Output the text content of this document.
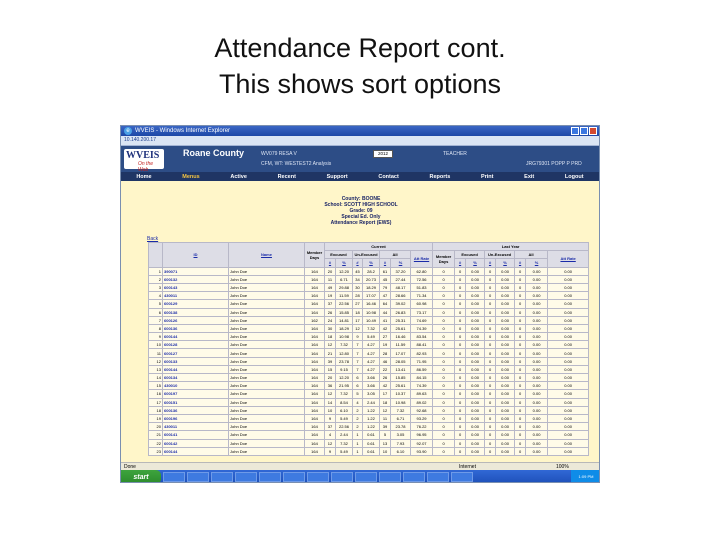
Attendance Report cont.
This shows sort options
e WVEIS - Windows Internet Explorer
10.140.200.17
WVEIS
On the Web
Roane County	WV079 RESA V
CFM, WT: WESTEST2 Analysis
2012	TEACHER
JRG79301 POPP P PRD
Home	Menus	Active	Recent	Support	Contact	Reports	Print	Exit	Logout
County: BOONE
School: SCOTT HIGH SCHOOL
Grade: 09
Special Ed. Only
Attendance Report (EWS)
Back
	ID	Name	Member Days	Current							Last Year							
				Excused		Un-Excused		All		Att Rate	Member Days	Excused		Un-Excused		All		Att Rate
				#	%	#	%	#	%			#	%	#	%	#	%	
1	390071	John Doe	164	20	12.20	45	28.2	61	37.20	62.80	0	0	0.00	0	0.00	0	0.00	0.00
2	600132	John Doe	164	11	6.71	34	20.73	45	27.44	72.56	0	0	0.00	0	0.00	0	0.00	0.00
3	600143	John Doe	164	49	29.88	30	18.29	79	48.17	51.83	0	0	0.00	0	0.00	0	0.00	0.00
4	430011	John Doe	164	19	11.59	28	17.07	47	28.66	71.34	0	0	0.00	0	0.00	0	0.00	0.00
5	600129	John Doe	164	37	22.56	27	16.46	64	39.02	60.98	0	0	0.00	0	0.00	0	0.00	0.00
6	600138	John Doe	164	26	15.85	18	10.98	44	26.83	73.17	0	0	0.00	0	0.00	0	0.00	0.00
7	600126	John Doe	162	24	14.81	17	10.49	41	25.31	74.69	0	0	0.00	0	0.00	0	0.00	0.00
8	600136	John Doe	164	30	18.29	12	7.32	42	25.61	74.39	0	0	0.00	0	0.00	0	0.00	0.00
9	600144	John Doe	164	18	10.98	9	5.49	27	16.46	83.54	0	0	0.00	0	0.00	0	0.00	0.00
10	600128	John Doe	164	12	7.32	7	4.27	19	11.59	88.41	0	0	0.00	0	0.00	0	0.00	0.00
11	600127	John Doe	164	21	12.80	7	4.27	28	17.07	82.93	0	0	0.00	0	0.00	0	0.00	0.00
12	600133	John Doe	164	39	23.78	7	4.27	46	28.05	71.95	0	0	0.00	0	0.00	0	0.00	0.00
13	600144	John Doe	164	15	9.15	7	4.27	22	13.41	86.59	0	0	0.00	0	0.00	0	0.00	0.00
14	600134	John Doe	164	20	12.20	6	3.66	26	15.85	84.15	0	0	0.00	0	0.00	0	0.00	0.00
15	430010	John Doe	164	36	21.95	6	3.66	42	25.61	74.39	0	0	0.00	0	0.00	0	0.00	0.00
16	600197	John Doe	164	12	7.32	5	3.05	17	10.37	89.63	0	0	0.00	0	0.00	0	0.00	0.00
17	600151	John Doe	164	14	8.54	4	2.44	18	10.98	89.02	0	0	0.00	0	0.00	0	0.00	0.00
18	600136	John Doe	164	10	6.10	2	1.22	12	7.32	92.68	0	0	0.00	0	0.00	0	0.00	0.00
19	600196	John Doe	164	9	5.49	2	1.22	11	6.71	93.29	0	0	0.00	0	0.00	0	0.00	0.00
20	430011	John Doe	164	37	22.56	2	1.22	39	23.78	76.22	0	0	0.00	0	0.00	0	0.00	0.00
21	600141	John Doe	164	4	2.44	1	0.61	5	3.05	96.95	0	0	0.00	0	0.00	0	0.00	0.00
22	600142	John Doe	164	12	7.32	1	0.61	13	7.93	92.07	0	0	0.00	0	0.00	0	0.00	0.00
23	600144	John Doe	164	9	5.49	1	0.61	10	6.10	93.90	0	0	0.00	0	0.00	0	0.00	0.00
Done	Internet	100%
start	1:09 PM
